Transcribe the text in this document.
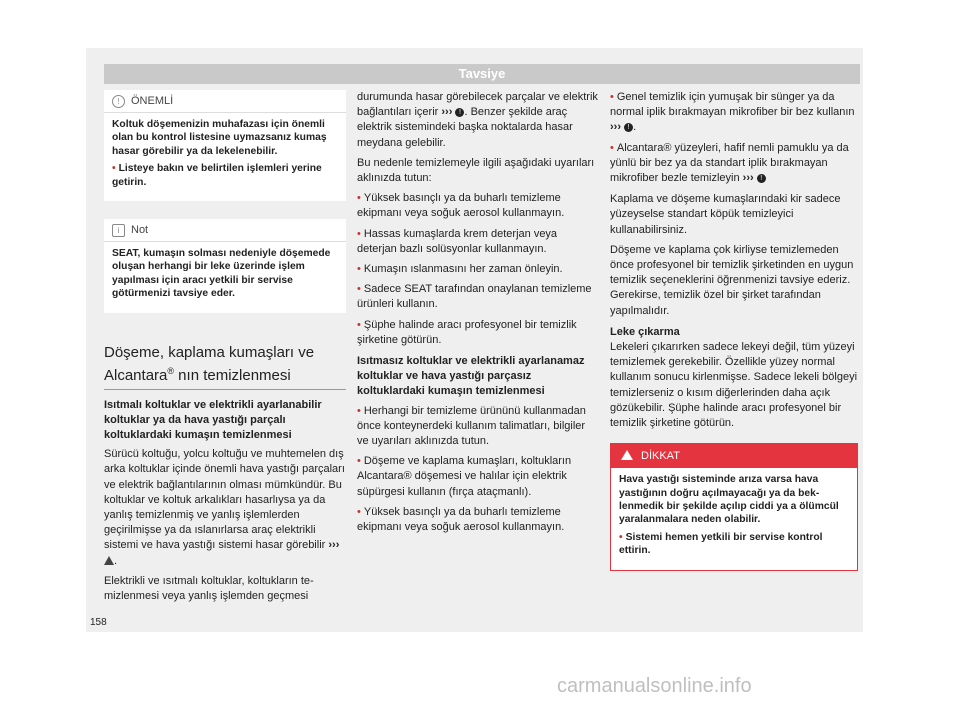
Tavsiye
! ÖNEMLİ

Koltuk döşemenizin muhafazası için önemli olan bu kontrol listesine uymazsanız kumaş hasar görebilir ya da lekelenebilir.

• Listeye bakın ve belirtilen işlemleri yerine getirin.

i Not

SEAT, kumaşın solması nedeniyle döşemede oluşan herhangi bir leke üzerinde işlem yapılması için aracı yetkili bir servise götürmenizi tavsiye eder.

Döşeme, kaplama kumaşları ve Alcantara® nın temizlenmesi

Isıtmalı koltuklar ve elektrikli ayarlanabilir koltuklar ya da hava yastığı parçalı koltuklardaki kumaşın temizlenmesi

Sürücü koltuğu, yolcu koltuğu ve muhtemelen dış arka koltuklar içinde önemli hava yastığı parçaları ve elektrik bağlantılarının olması mümkündür. Bu koltuklar ve koltuk arkalıkları hasarlıysa ya da yanlış temizlenmiş ve yanlış işlemlerden geçirilmişse ya da ıslanırlarsa araç elektrikli sistemi ve hava yastığı sistemi hasar görebilir ››› .

Elektrikli ve ısıtmalı koltuklar, koltukların temizlenmesi veya yanlış işlemden geçmesi

durumunda hasar görebilecek parçalar ve elektrik bağlantıları içerir ››› ! . Benzer şekilde araç elektrik sistemindeki başka noktalarda hasar meydana gelebilir.

Bu nedenle temizlemeyle ilgili aşağıdaki uyarıları aklınızda tutun:

• Yüksek basınçlı ya da buharlı temizleme ekipmanı veya soğuk aerosol kullanmayın.

• Hassas kumaşlarda krem deterjan veya deterjan bazlı solüsyonlar kullanmayın.

• Kumaşın ıslanmasını her zaman önleyin.

• Sadece SEAT tarafından onaylanan temizleme ürünleri kullanın.

• Şüphe halinde aracı profesyonel bir temizlik şirketine götürün.

Isıtmasız koltuklar ve elektrikli ayarlanamaz koltuklar ve hava yastığı parçasız koltuklardaki kumaşın temizlenmesi

• Herhangi bir temizleme ürününü kullanmadan önce konteynerdeki kullanım talimatları, bilgiler ve uyarıları aklınızda tutun.

• Döşeme ve kaplama kumaşları, koltukların Alcantara® döşemesi ve halılar için elektrik süpürgesi kullanın (fırça ataçmanlı).

• Yüksek basınçlı ya da buharlı temizleme ekipmanı veya soğuk aerosol kullanmayın.

• Genel temizlik için yumuşak bir sünger ya da normal iplik bırakmayan mikrofiber bir bez kullanın ››› ! .

• Alcantara® yüzeyleri, hafif nemli pamuklu ya da yünlü bir bez ya da standart iplik bırakmayan mikrofiber bezle temizleyin ››› !

Kaplama ve döşeme kumaşlarındaki kir sadece yüzeyselse standart köpük temizleyici kullanabilirsiniz.

Döşeme ve kaplama çok kirliyse temizlemeden önce profesyonel bir temizlik şirketinden en uygun temizlik seçeneklerini öğrenmenizi tavsiye ederiz. Gerekirse, temizlik özel bir şirket tarafından yapılmalıdır.

Leke çıkarma

Lekeleri çıkarırken sadece lekeyi değil, tüm yüzeyi temizlemek gerekebilir. Özellikle yüzey normal kullanım sonucu kirlenmişse. Sadece lekeli bölgeyi temizlerseniz o kısım diğerlerinden daha açık gözükebilir. Şüphe halinde aracı profesyonel bir temizlik şirketine götürün.

DİKKAT

Hava yastığı sisteminde arıza varsa hava yastığının doğru açılmayacağı ya da beklenmedik bir şekilde açılıp ciddi ya a ölümcül yaralanmalara neden olabilir.

• Sistemi hemen yetkili bir servise kontrol ettirin.

158
carmanualsonline.info
